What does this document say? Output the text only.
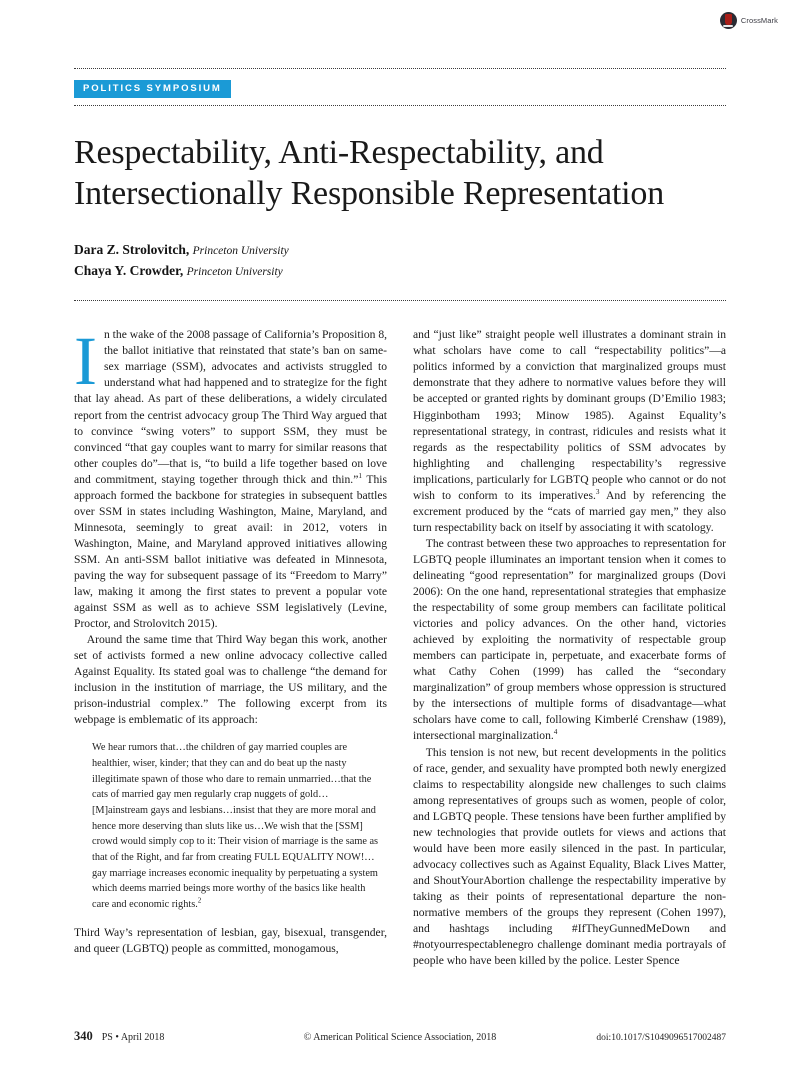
CrossMark
POLITICS SYMPOSIUM
Respectability, Anti-Respectability, and Intersectionally Responsible Representation
Dara Z. Strolovitch, Princeton University
Chaya Y. Crowder, Princeton University

In the wake of the 2008 passage of California’s Proposition 8, the ballot initiative that reinstated that state’s ban on same-sex marriage (SSM), advocates and activists struggled to understand what had happened and to strategize for the fight that lay ahead. As part of these deliberations, a widely circulated report from the centrist advocacy group The Third Way argued that to convince “swing voters” to support SSM, they must be convinced “that gay couples want to marry for similar reasons that other couples do”—that is, “to build a life together based on love and commitment, staying together through thick and thin.”$^1$ This approach formed the backbone for strategies in subsequent battles over SSM in states including Washington, Maine, Maryland, and Minnesota, seemingly to great avail: in 2012, voters in Washington, Maine, and Maryland approved initiatives allowing SSM. An anti-SSM ballot initiative was defeated in Minnesota, paving the way for subsequent passage of its “Freedom to Marry” law, making it among the first states to prevent a popular vote against SSM as well as to achieve SSM legislatively (Levine, Proctor, and Strolovitch 2015).

Around the same time that Third Way began this work, another set of activists formed a new online advocacy collective called Against Equality. Its stated goal was to challenge “the demand for inclusion in the institution of marriage, the US military, and the prison-industrial complex.” The following excerpt from its webpage is emblematic of its approach:

We hear rumors that…the children of gay married couples are healthier, wiser, kinder; that they can and do beat up the nasty illegitimate spawn of those who dare to remain unmarried…that the cats of married gay men regularly crap nuggets of gold… [M]ainstream gays and lesbians…insist that they are more moral and hence more deserving than sluts like us…We wish that the [SSM] crowd would simply cop to it: Their vision of marriage is the same as that of the Right, and far from creating FULL EQUALITY NOW!…gay marriage increases economic inequality by perpetuating a system which deems married beings more worthy of the basics like health care and economic rights.$^2$

Third Way’s representation of lesbian, gay, bisexual, transgender, and queer (LGBTQ) people as committed, monogamous,

and “just like” straight people well illustrates a dominant strain in what scholars have come to call “respectability politics”—a politics informed by a conviction that marginalized groups must demonstrate that they adhere to normative values before they will be accepted or granted rights by dominant groups (D’Emilio 1983; Higginbotham 1993; Minow 1985). Against Equality’s representational strategy, in contrast, ridicules and resists what it regards as the respectability politics of SSM advocates by highlighting and challenging respectability’s regressive implications, particularly for LGBTQ people who cannot or do not wish to conform to its imperatives.$^3$ And by referencing the excrement produced by the “cats of married gay men,” they also turn respectability back on itself by associating it with scatology.

The contrast between these two approaches to representation for LGBTQ people illuminates an important tension when it comes to delineating “good representation” for marginalized groups (Dovi 2006): On the one hand, representational strategies that emphasize the respectability of some group members can facilitate political victories and policy advances. On the other hand, victories achieved by exploiting the normativity of respectable group members can participate in, perpetuate, and exacerbate forms of what Cathy Cohen (1999) has called the “secondary marginalization” of group members whose oppression is structured by the intersections of multiple forms of disadvantage—what scholars have come to call, following Kimberlé Crenshaw (1989), intersectional marginalization.$^4$

This tension is not new, but recent developments in the politics of race, gender, and sexuality have prompted both newly energized claims to respectability alongside new challenges to such claims among representatives of groups such as women, people of color, and LGBTQ people. These tensions have been further amplified by new technologies that provide outlets for views and actions that would have been more easily silenced in the past. In particular, advocacy collectives such as Against Equality, Black Lives Matter, and ShoutYourAbortion challenge the respectability imperative by taking as their points of representational departure the non-normative members of the groups they represent (Cohen 1997), and hashtags including #IfTheyGunnedMeDown and #notyourrespectablenegro challenge dominant media portrayals of people who have been killed by the police. Lester Spence

340 PS • April 2018	© American Political Science Association, 2018	doi:10.1017/S1049096517002487
